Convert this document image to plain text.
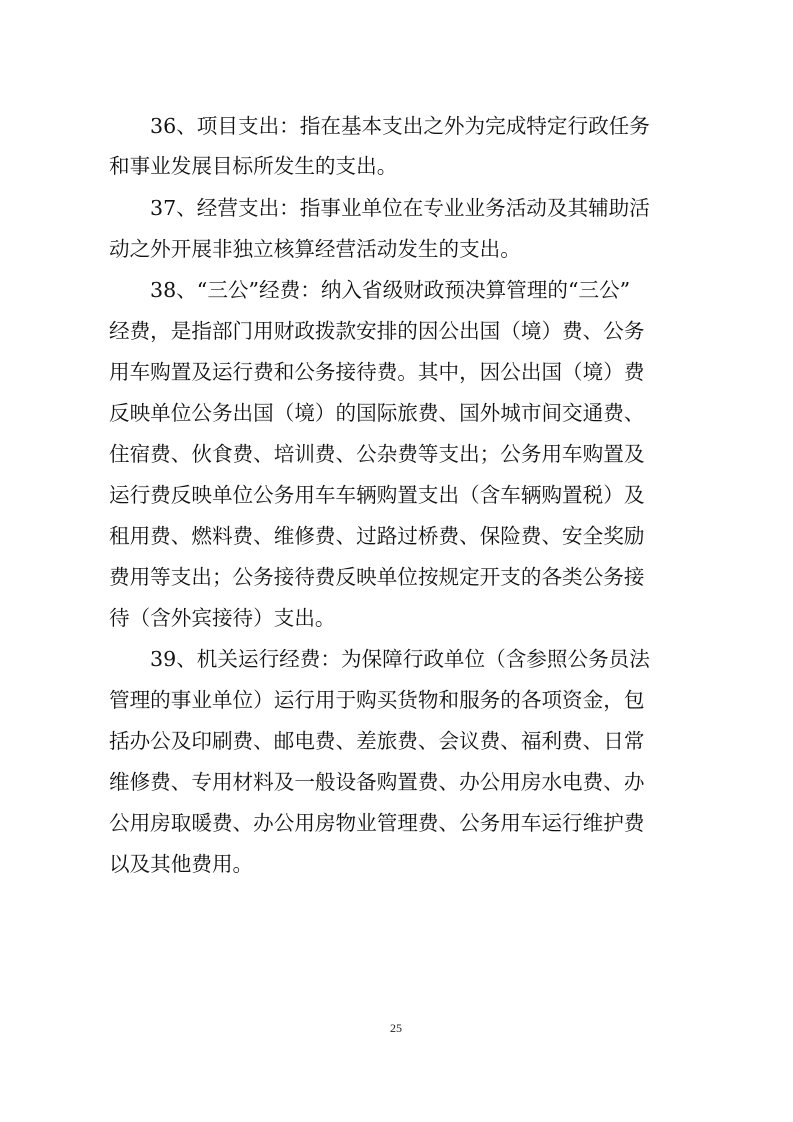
36、项目支出：指在基本支出之外为完成特定行政任务
和事业发展目标所发生的支出。
37、经营支出：指事业单位在专业业务活动及其辅助活
动之外开展非独立核算经营活动发生的支出。
38、“三公”经费：纳入省级财政预决算管理的“三公”
经费，是指部门用财政拨款安排的因公出国（境）费、公务
用车购置及运行费和公务接待费。其中，因公出国（境）费
反映单位公务出国（境）的国际旅费、国外城市间交通费、
住宿费、伙食费、培训费、公杂费等支出；公务用车购置及
运行费反映单位公务用车车辆购置支出（含车辆购置税）及
租用费、燃料费、维修费、过路过桥费、保险费、安全奖励
费用等支出；公务接待费反映单位按规定开支的各类公务接
待（含外宾接待）支出。
39、机关运行经费：为保障行政单位（含参照公务员法
管理的事业单位）运行用于购买货物和服务的各项资金，包
括办公及印刷费、邮电费、差旅费、会议费、福利费、日常
维修费、专用材料及一般设备购置费、办公用房水电费、办
公用房取暖费、办公用房物业管理费、公务用车运行维护费
以及其他费用。
25
